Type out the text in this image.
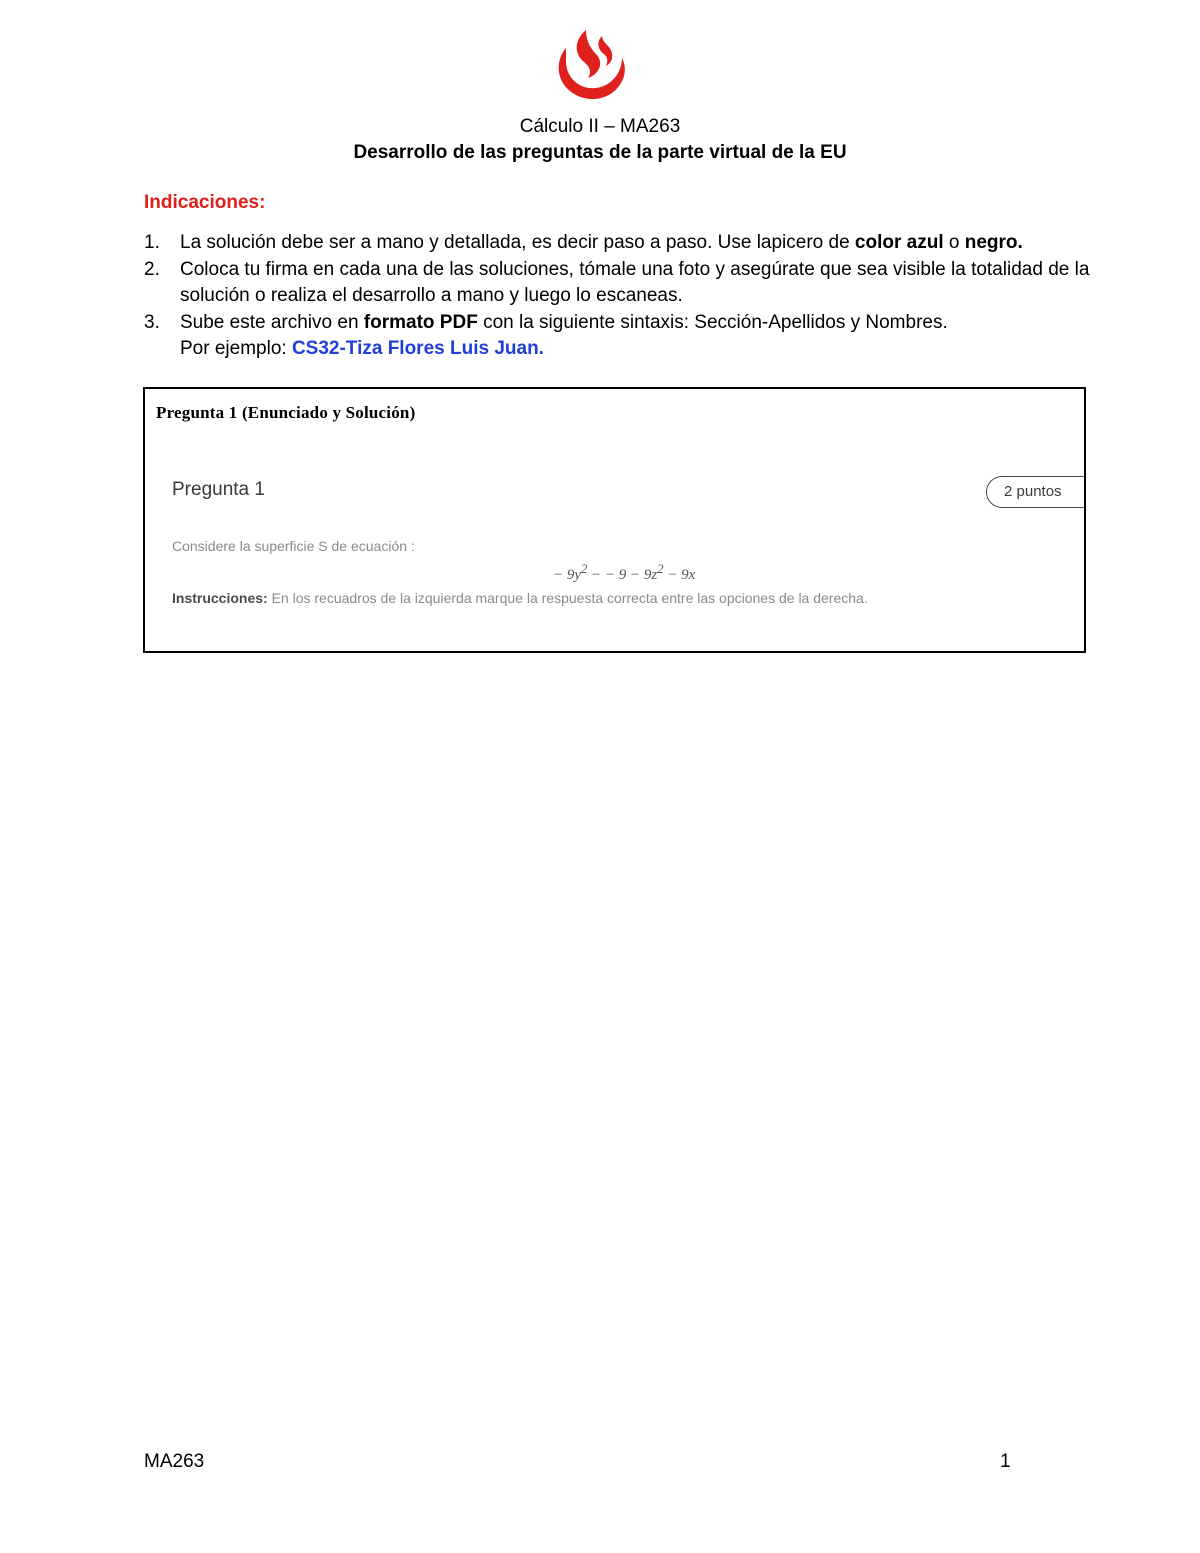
Cálculo II – MA263
Desarrollo de las preguntas de la parte virtual de la EU
Indicaciones:
1. La solución debe ser a mano y detallada, es decir paso a paso. Use lapicero de color azul o negro.
2. Coloca tu firma en cada una de las soluciones, tómale una foto y asegúrate que sea visible la totalidad de la solución o realiza el desarrollo a mano y luego lo escaneas.
3. Sube este archivo en formato PDF con la siguiente sintaxis: Sección-Apellidos y Nombres.
Por ejemplo: CS32-Tiza Flores Luis Juan.
Pregunta 1 (Enunciado y Solución)
Pregunta 1	2 puntos
Considere la superficie S de ecuación :
− $9y^2$ − − $9 - 9z^2 - 9x$
Instrucciones: En los recuadros de la izquierda marque la respuesta correcta entre las opciones de la derecha.
MA263	1
